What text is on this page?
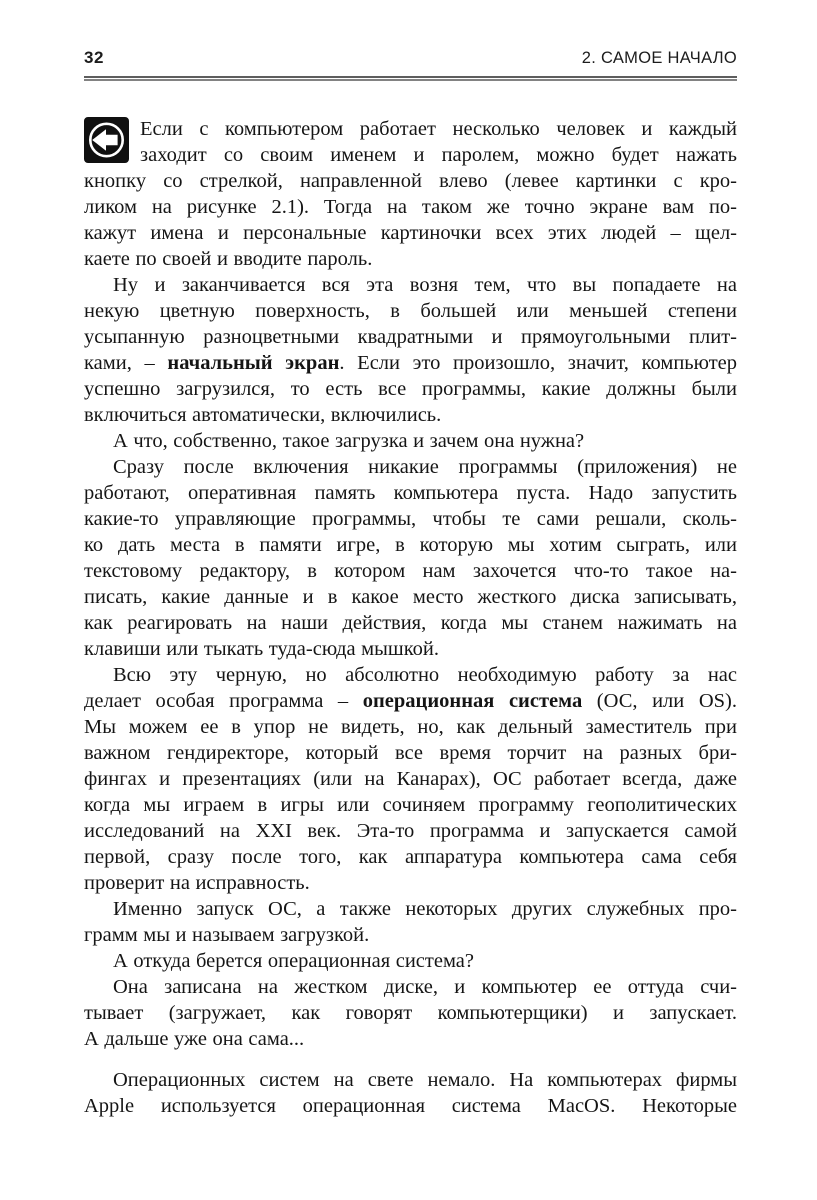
32	2. САМОЕ НАЧАЛО
Если с компьютером работает несколько человек и каждый
заходит со своим именем и паролем, можно будет нажать
кнопку со стрелкой, направленной влево (левее картинки с кро-
ликом на рисунке 2.1). Тогда на таком же точно экране вам по-
кажут имена и персональные картиночки всех этих людей – щел-
каете по своей и вводите пароль.
Ну и заканчивается вся эта возня тем, что вы попадаете на
некую цветную поверхность, в большей или меньшей степени
усыпанную разноцветными квадратными и прямоугольными плит-
ками, – начальный экран. Если это произошло, значит, компьютер
успешно загрузился, то есть все программы, какие должны были
включиться автоматически, включились.
А что, собственно, такое загрузка и зачем она нужна?
Сразу после включения никакие программы (приложения) не
работают, оперативная память компьютера пуста. Надо запустить
какие-то управляющие программы, чтобы те сами решали, сколь-
ко дать места в памяти игре, в которую мы хотим сыграть, или
текстовому редактору, в котором нам захочется что-то такое на-
писать, какие данные и в какое место жесткого диска записывать,
как реагировать на наши действия, когда мы станем нажимать на
клавиши или тыкать туда-сюда мышкой.
Всю эту черную, но абсолютно необходимую работу за нас
делает особая программа – операционная система (ОС, или OS).
Мы можем ее в упор не видеть, но, как дельный заместитель при
важном гендиректоре, который все время торчит на разных бри-
фингах и презентациях (или на Канарах), ОС работает всегда, даже
когда мы играем в игры или сочиняем программу геополитических
исследований на XXI век. Эта-то программа и запускается самой
первой, сразу после того, как аппаратура компьютера сама себя
проверит на исправность.
Именно запуск ОС, а также некоторых других служебных про-
грамм мы и называем загрузкой.
А откуда берется операционная система?
Она записана на жестком диске, и компьютер ее оттуда счи-
тывает (загружает, как говорят компьютерщики) и запускает.
А дальше уже она сама...
Операционных систем на свете немало. На компьютерах фирмы
Apple используется операционная система MacOS. Некоторые
